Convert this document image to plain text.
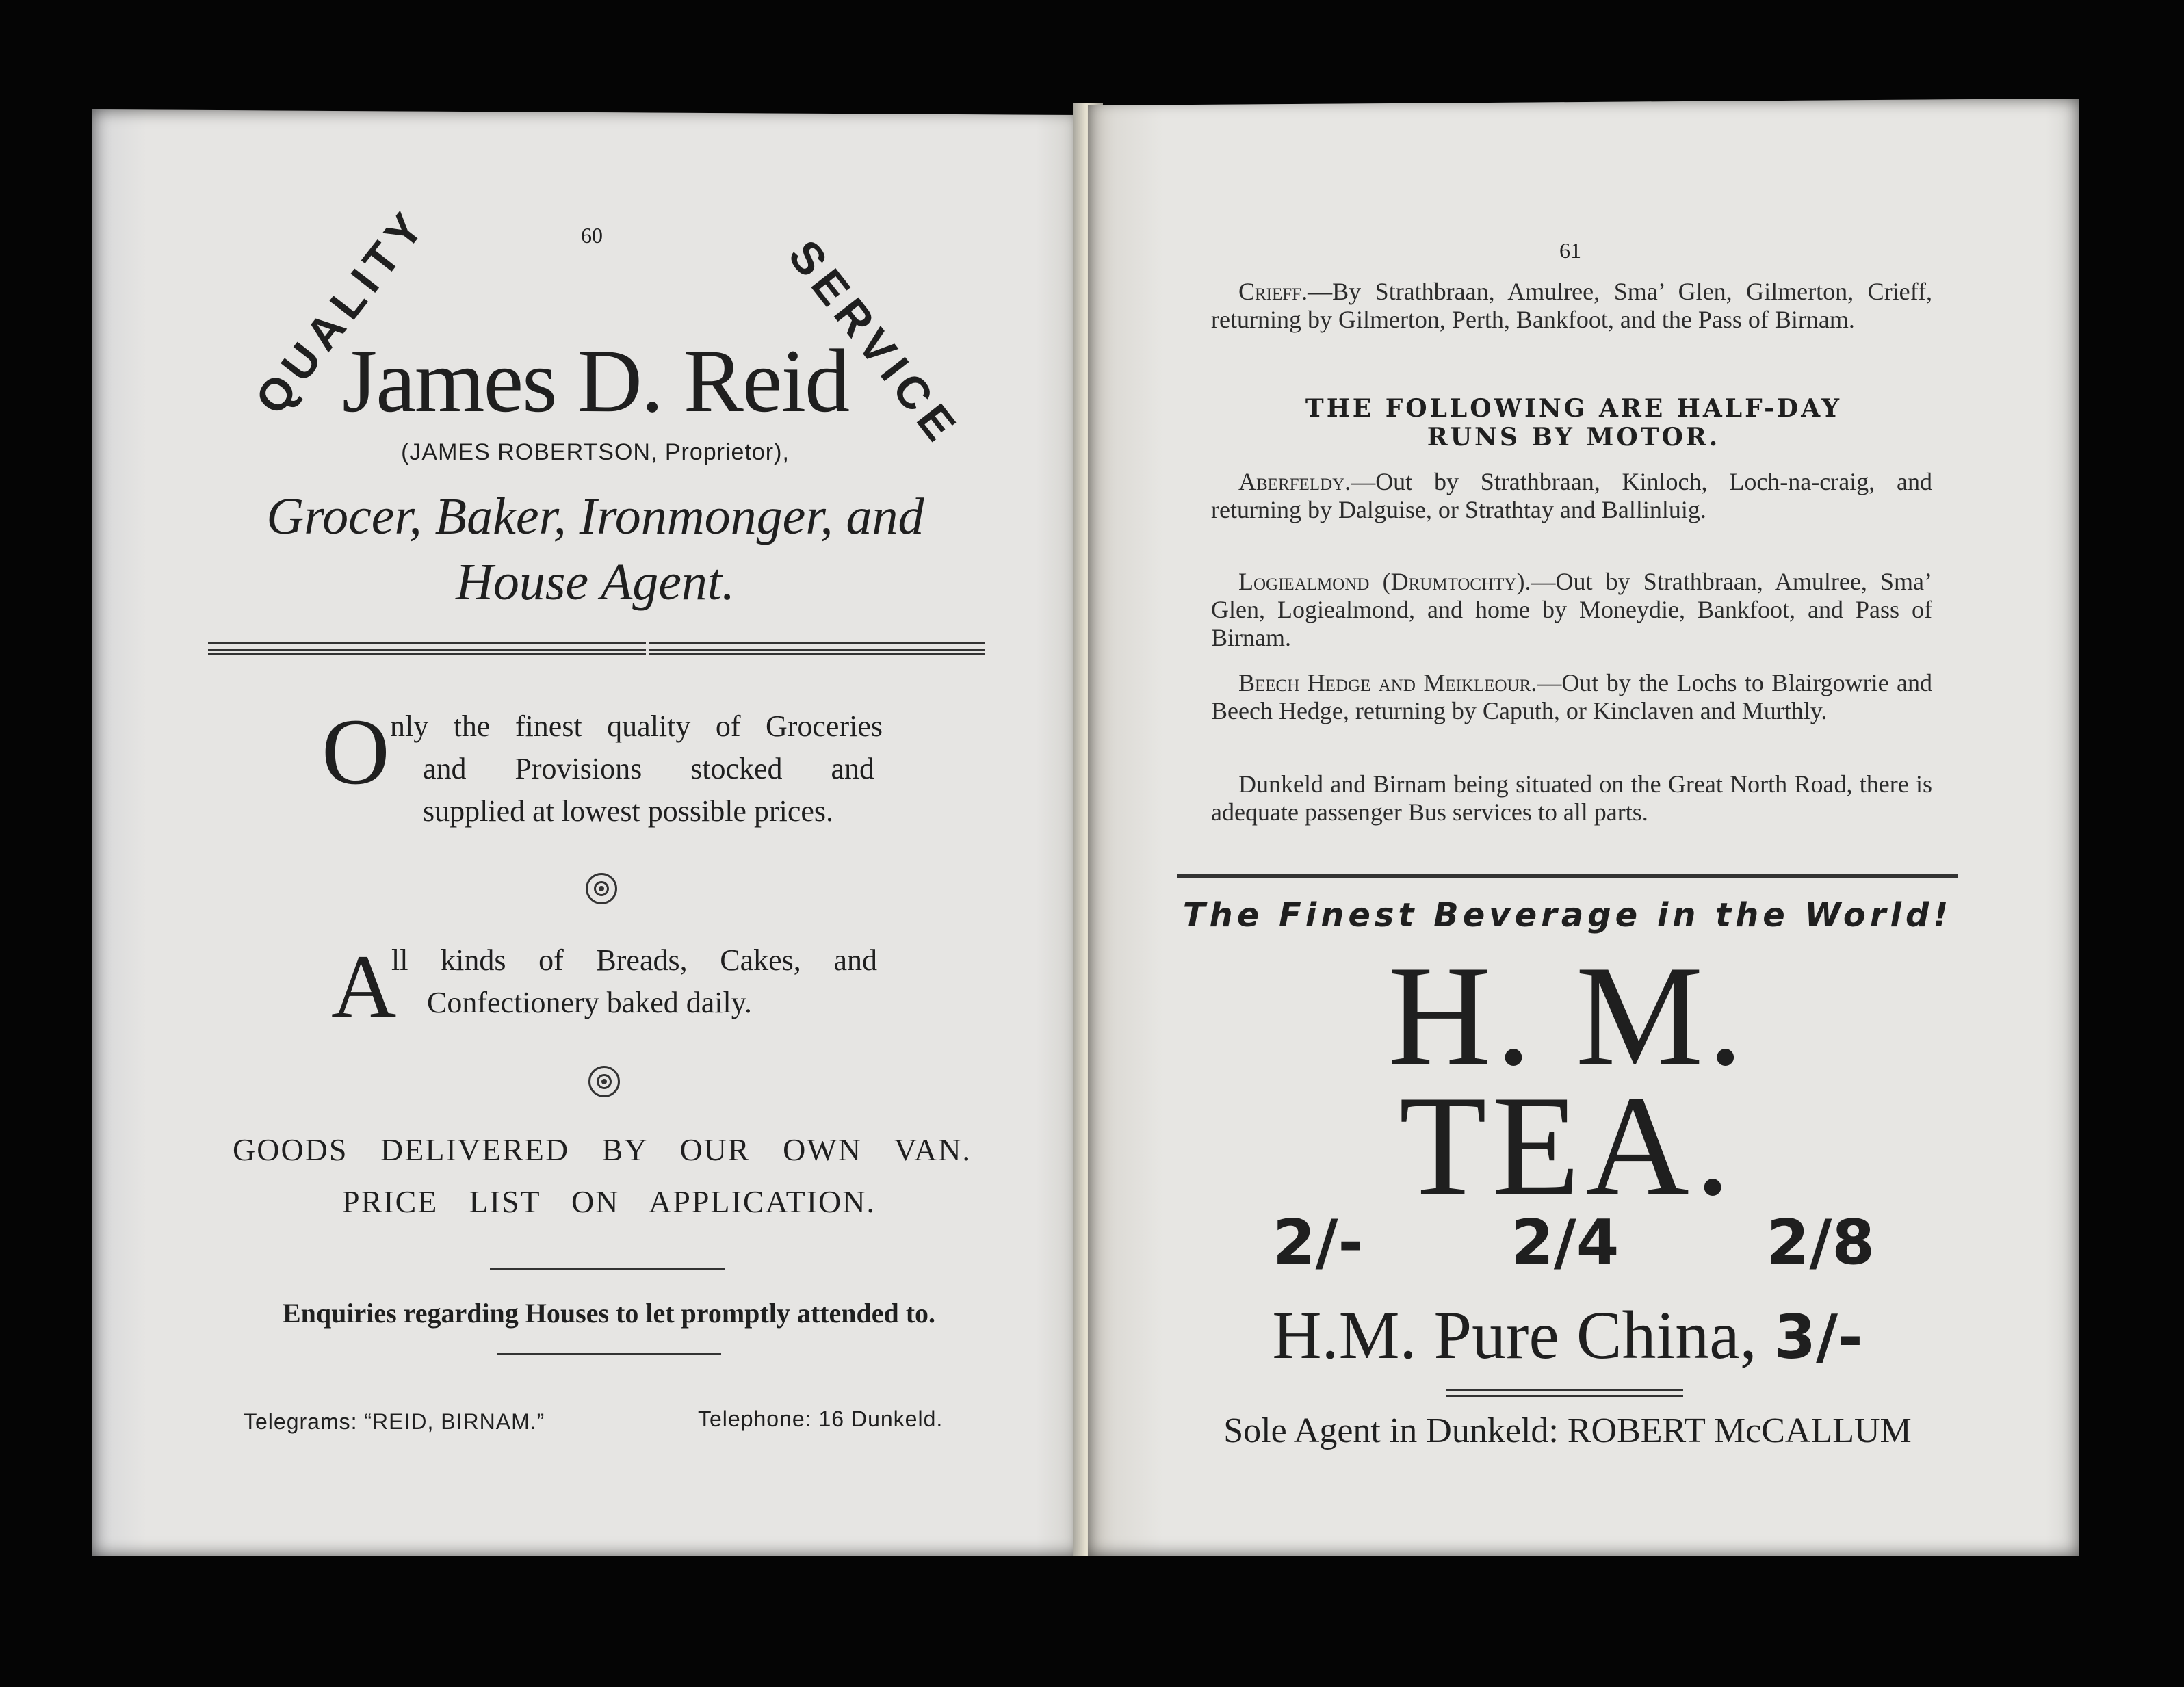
60
QUALITY	SERVICE
James D. Reid
(JAMES ROBERTSON, Proprietor),
Grocer, Baker, Ironmonger, and
House Agent.
O nly the finest quality of Groceries
and Provisions stocked and
supplied at lowest possible prices.
A
ll kinds of Breads, Cakes, and
Confectionery baked daily.
GOODS DELIVERED BY OUR OWN VAN.
PRICE LIST ON APPLICATION.
Enquiries regarding Houses to let promptly attended to.
Telegrams: “REID, BIRNAM.”	Telephone: 16 Dunkeld.
61
Crieff.—By Strathbraan, Amulree, Sma’ Glen, Gilmerton, Crieff, returning by Gilmerton, Perth, Bankfoot, and the Pass of Birnam.
THE FOLLOWING ARE HALF-DAY
RUNS BY MOTOR.
Aberfeldy.—Out by Strathbraan, Kinloch, Loch-na-craig, and returning by Dalguise, or Strathtay and Ballinluig.
Logiealmond (Drumtochty).—Out by Strathbraan, Amulree, Sma’ Glen, Logiealmond, and home by Moneydie, Bankfoot, and Pass of Birnam.
Beech Hedge and Meikleour.—Out by the Lochs to Blairgowrie and Beech Hedge, returning by Caputh, or Kinclaven and Murthly.
Dunkeld and Birnam being situated on the Great North Road, there is adequate passenger Bus services to all parts.
The Finest Beverage in the World!
H. M.
TEA.
2/- 2/4 2/8
H.M. Pure China, 3/-
Sole Agent in Dunkeld: ROBERT McCALLUM
